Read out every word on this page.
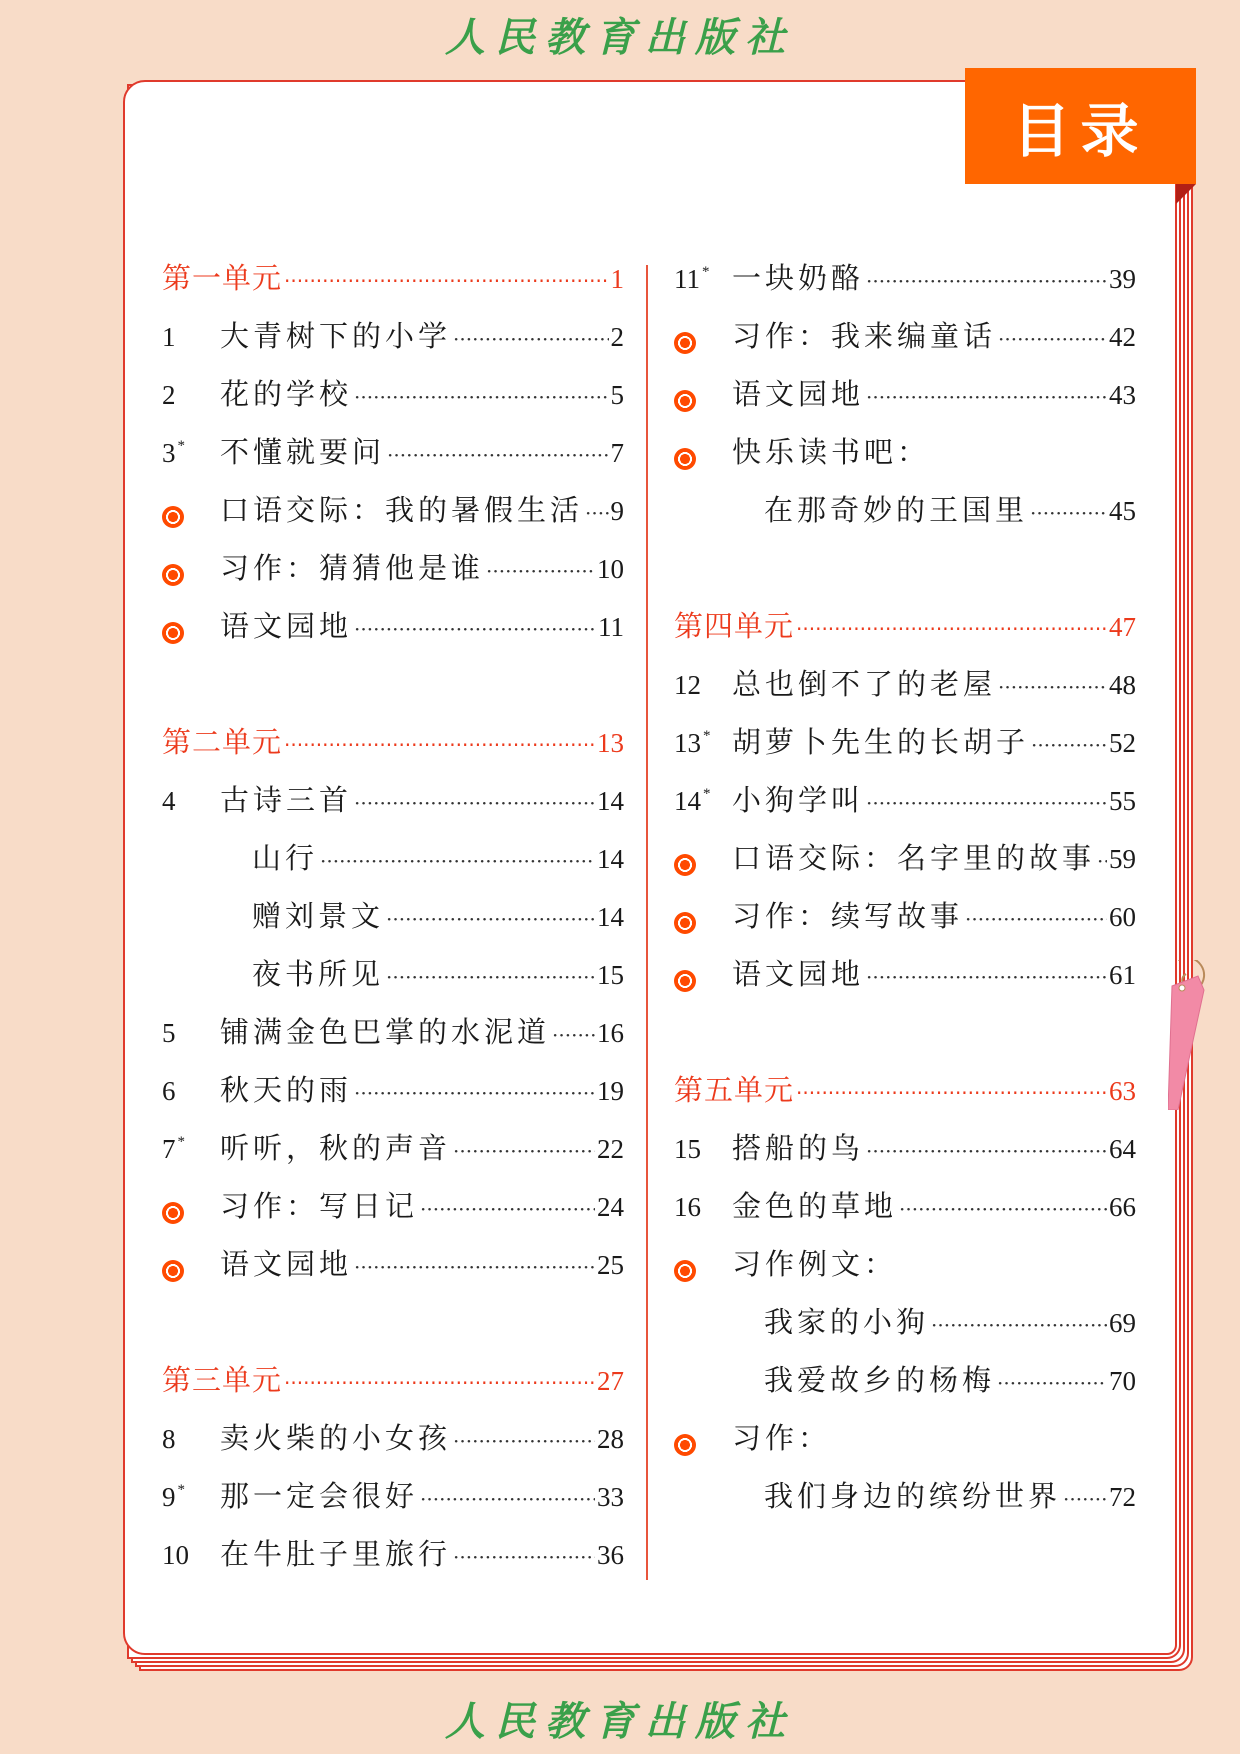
人民教育出版社
目录
第一单元 ·····	1
1	大青树下的小学 ·····	2
2	花的学校 ·····	5
3 *	不懂就要问 ·····	7
口语交际：我的暑假生活 ····· 9
习作：猜猜他是谁 ·····	10
语文园地 ·····	11
第二单元 ·····	13
4	古诗三首 ·····	14
山行 ·····	14
赠刘景文 ·····	14
夜书所见 ·····	15
5	铺满金色巴掌的水泥道 ····· 16
6	秋天的雨 ·····	19
7 *	听听，秋的声音 ·····	22
习作：写日记 ·····	24
语文园地 ·····	25
第三单元 ·····	27
8	卖火柴的小女孩 ·····	28
9 *	那一定会很好 ·····	33
10	在牛肚子里旅行 ·····	36
11 * 一块奶酪 ·····	39
习作：我来编童话 ·····	42
语文园地 ·····	43
快乐读书吧：
在那奇妙的王国里 ·····	45
第四单元 ·····	47
12	总也倒不了的老屋 ·····	48
13 * 胡萝卜先生的长胡子 ·····	52
14 * 小狗学叫 ·····	55
口语交际：名字里的故事 ····· 59
习作：续写故事 ·····	60
语文园地 ·····	61
第五单元 ·····	63
15	搭船的鸟 ·····	64
16	金色的草地 ·····	66
习作例文：
我家的小狗 ·····	69
我爱故乡的杨梅 ·····	70
习作：
我们身边的缤纷世界 ····· 72
人民教育出版社
